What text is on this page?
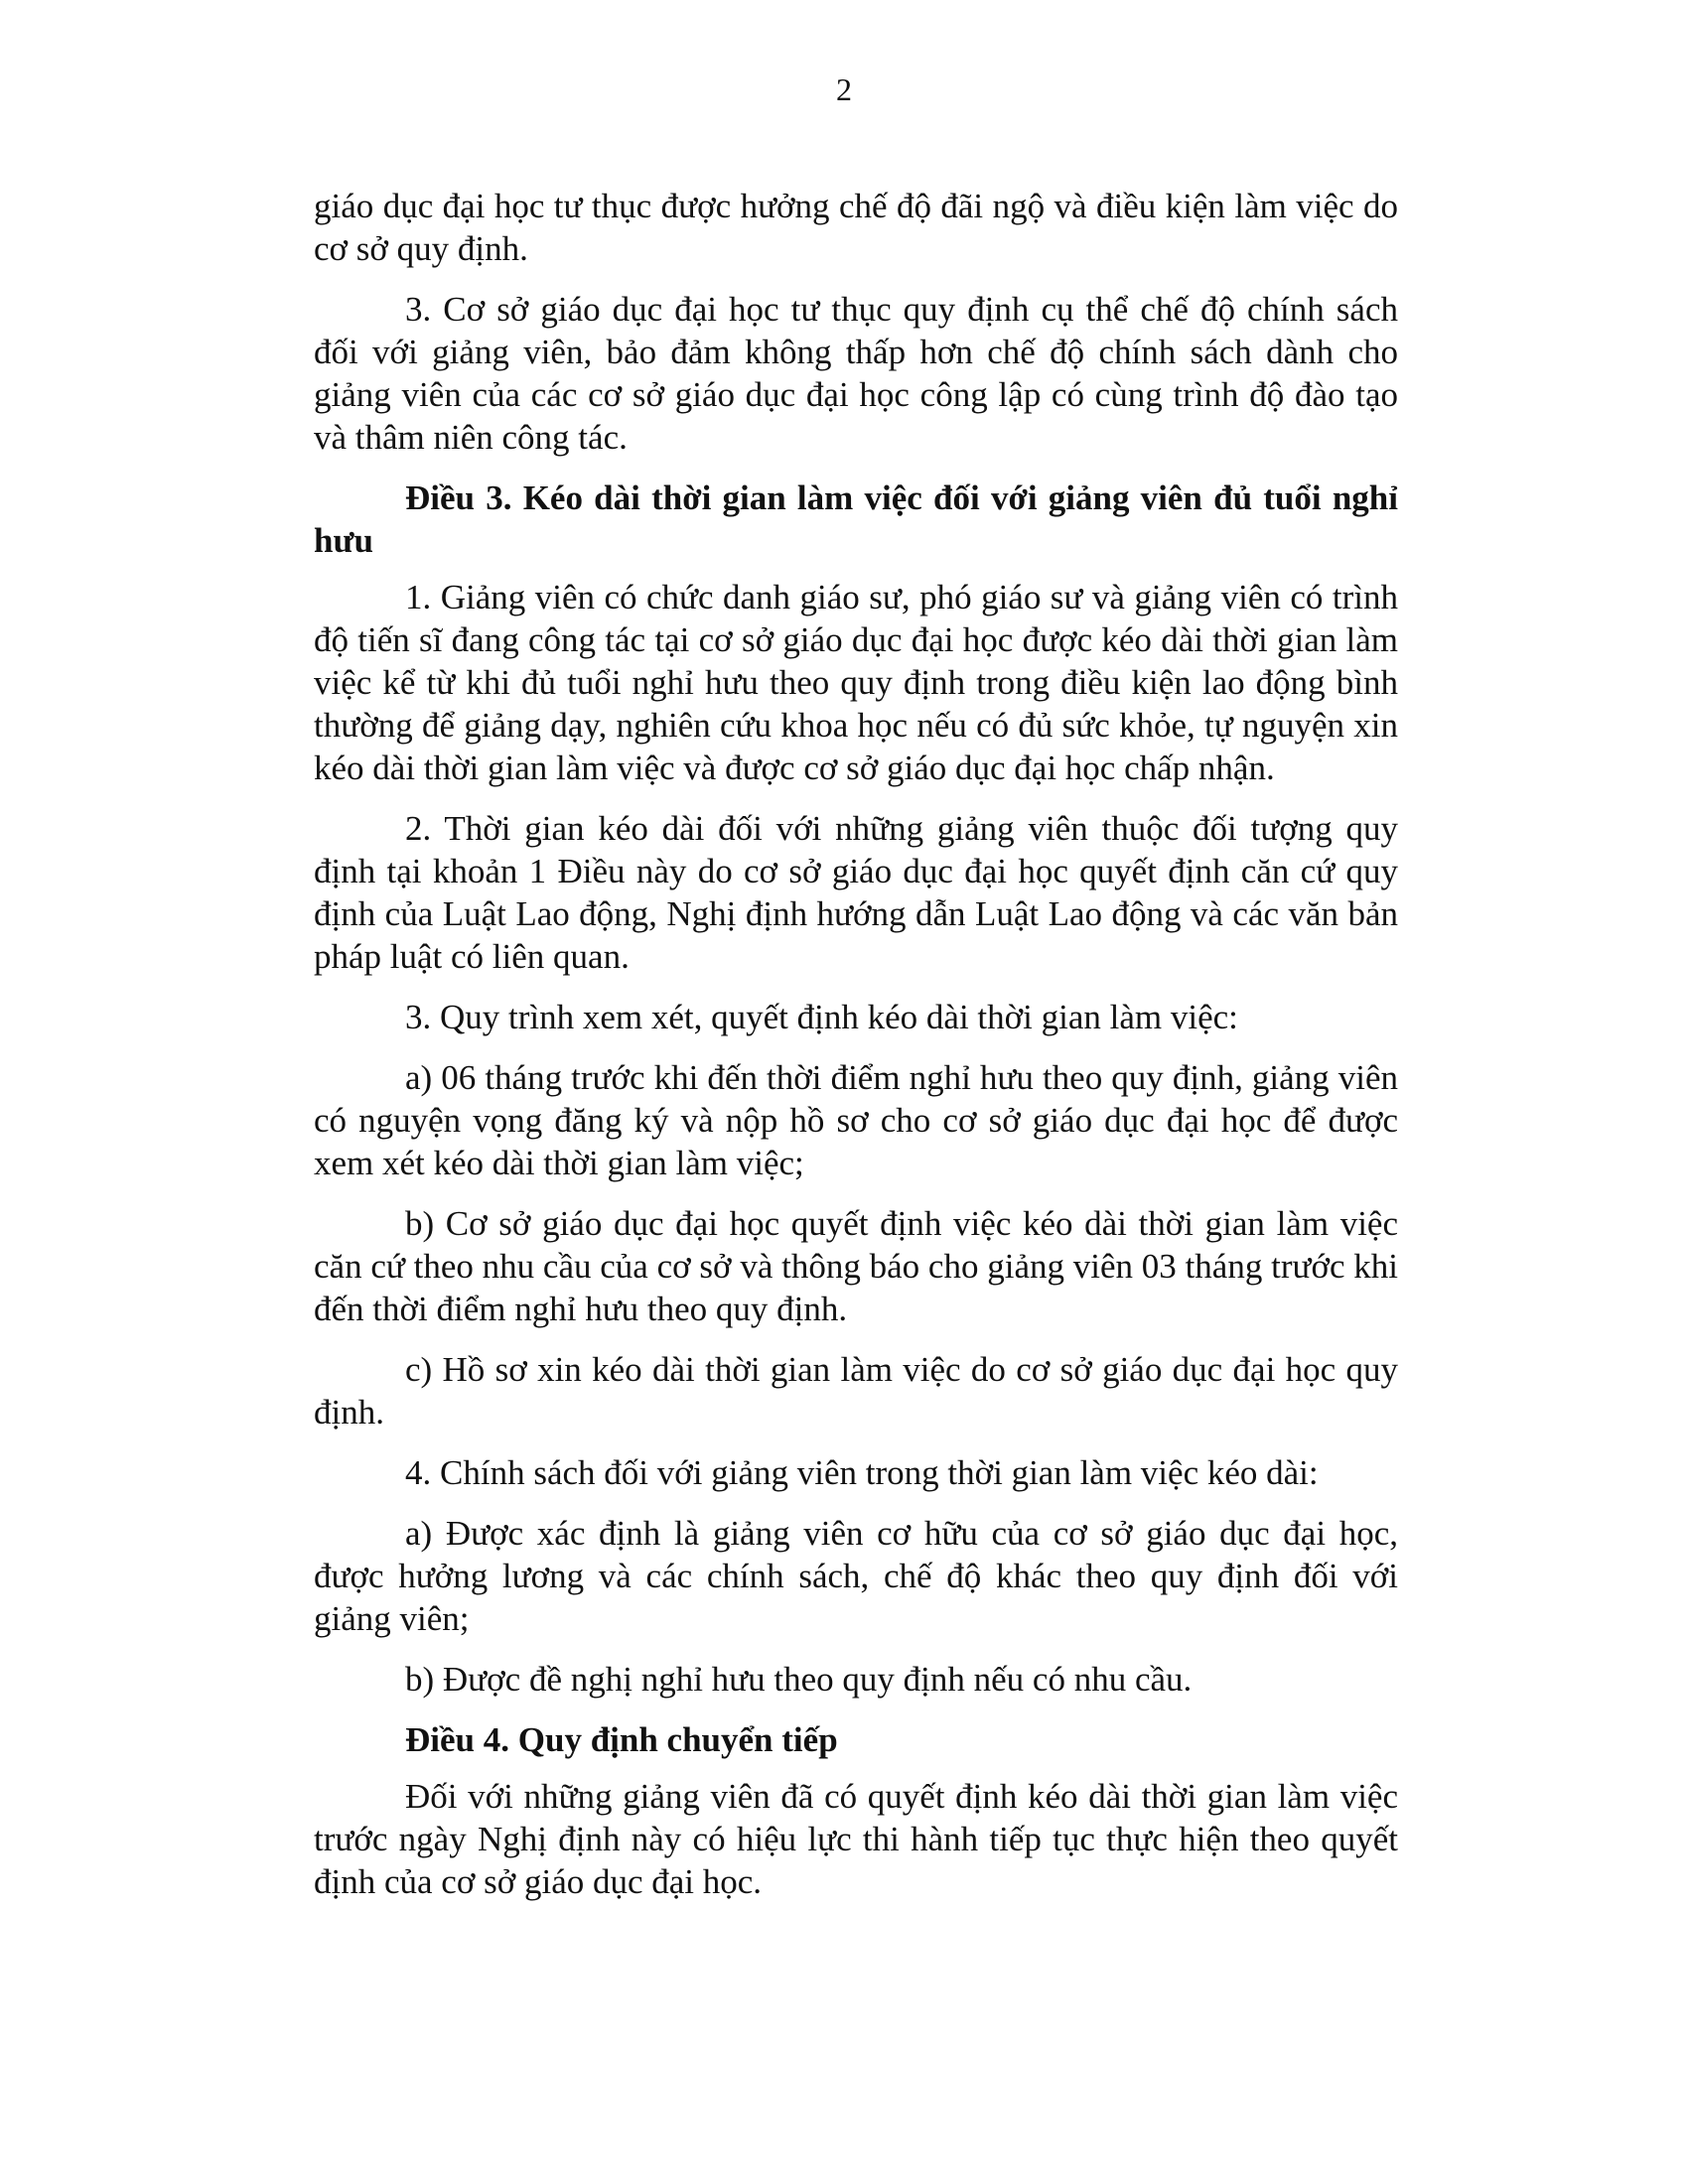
2

giáo dục đại học tư thục được hưởng chế độ đãi ngộ và điều kiện làm việc do cơ sở quy định.

3. Cơ sở giáo dục đại học tư thục quy định cụ thể chế độ chính sách đối với giảng viên, bảo đảm không thấp hơn chế độ chính sách dành cho giảng viên của các cơ sở giáo dục đại học công lập có cùng trình độ đào tạo và thâm niên công tác.

Điều 3. Kéo dài thời gian làm việc đối với giảng viên đủ tuổi nghỉ hưu

1. Giảng viên có chức danh giáo sư, phó giáo sư và giảng viên có trình độ tiến sĩ đang công tác tại cơ sở giáo dục đại học được kéo dài thời gian làm việc kể từ khi đủ tuổi nghỉ hưu theo quy định trong điều kiện lao động bình thường để giảng dạy, nghiên cứu khoa học nếu có đủ sức khỏe, tự nguyện xin kéo dài thời gian làm việc và được cơ sở giáo dục đại học chấp nhận.

2. Thời gian kéo dài đối với những giảng viên thuộc đối tượng quy định tại khoản 1 Điều này do cơ sở giáo dục đại học quyết định căn cứ quy định của Luật Lao động, Nghị định hướng dẫn Luật Lao động và các văn bản pháp luật có liên quan.

3. Quy trình xem xét, quyết định kéo dài thời gian làm việc:

a) 06 tháng trước khi đến thời điểm nghỉ hưu theo quy định, giảng viên có nguyện vọng đăng ký và nộp hồ sơ cho cơ sở giáo dục đại học để được xem xét kéo dài thời gian làm việc;

b) Cơ sở giáo dục đại học quyết định việc kéo dài thời gian làm việc căn cứ theo nhu cầu của cơ sở và thông báo cho giảng viên 03 tháng trước khi đến thời điểm nghỉ hưu theo quy định.

c) Hồ sơ xin kéo dài thời gian làm việc do cơ sở giáo dục đại học quy định.

4. Chính sách đối với giảng viên trong thời gian làm việc kéo dài:

a) Được xác định là giảng viên cơ hữu của cơ sở giáo dục đại học, được hưởng lương và các chính sách, chế độ khác theo quy định đối với giảng viên;

b) Được đề nghị nghỉ hưu theo quy định nếu có nhu cầu.

Điều 4. Quy định chuyển tiếp

Đối với những giảng viên đã có quyết định kéo dài thời gian làm việc trước ngày Nghị định này có hiệu lực thi hành tiếp tục thực hiện theo quyết định của cơ sở giáo dục đại học.
